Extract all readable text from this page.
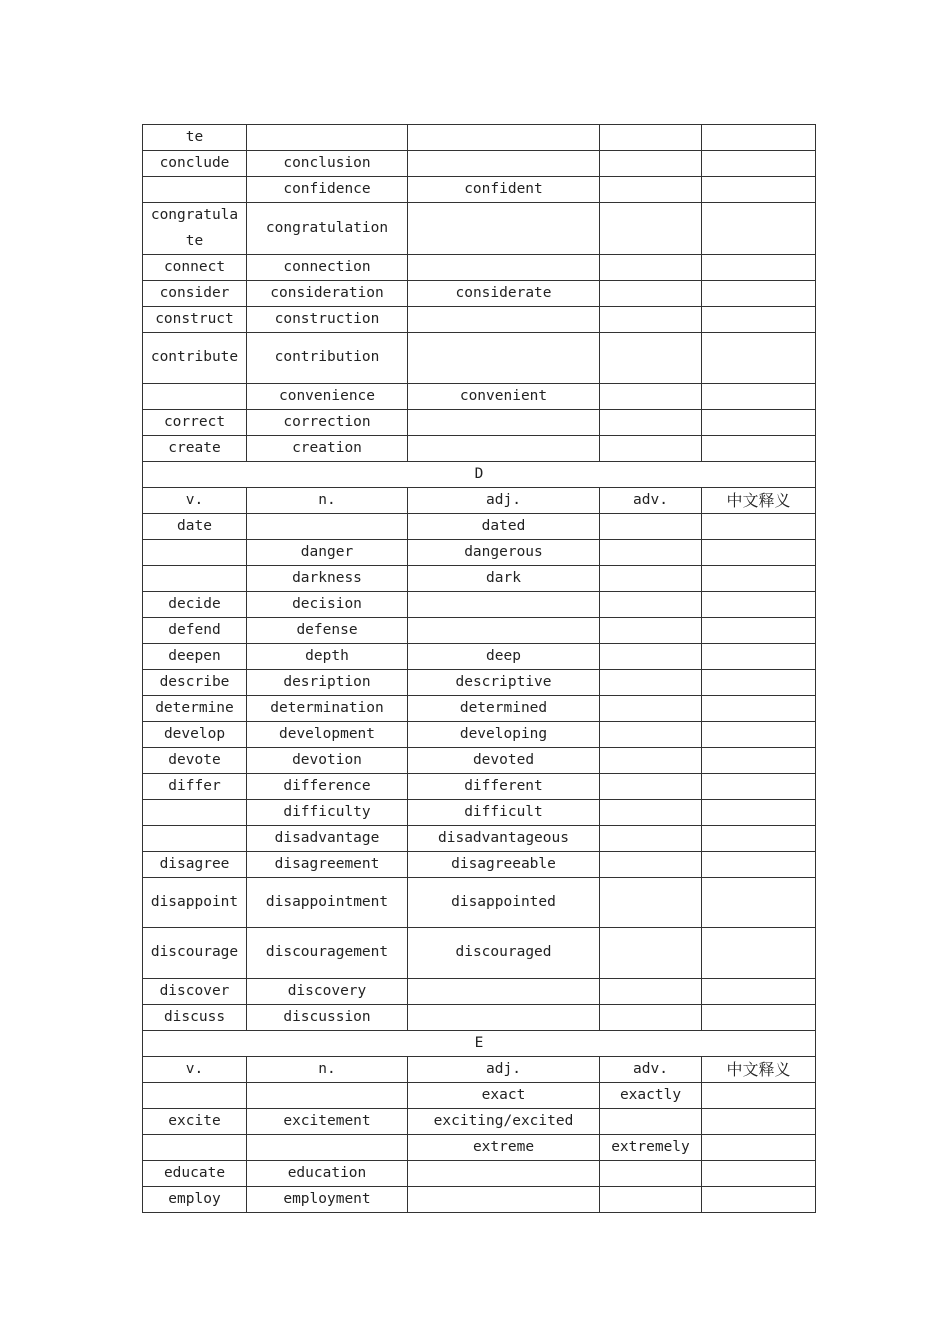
te				
conclude	conclusion			
	confidence	confident		
congratulate	congratulation			
connect	connection			
consider	consideration	considerate		
construct	construction			
contribute	contribution			
	convenience	convenient		
correct	correction			
create	creation			
D				
v.	n.	adj.	adv.	中文释义
date		dated		
	danger	dangerous		
	darkness	dark		
decide	decision			
defend	defense			
deepen	depth	deep		
describe	desription	descriptive		
determine	determination	determined		
develop	development	developing		
devote	devotion	devoted		
differ	difference	different		
	difficulty	difficult		
	disadvantage	disadvantageous		
disagree	disagreement	disagreeable		
disappoint	disappointment	disappointed		
discourage	discouragement	discouraged		
discover	discovery			
discuss	discussion			
E				
v.	n.	adj.	adv.	中文释义
		exact	exactly	
excite	excitement	exciting/excited		
		extreme	extremely	
educate	education			
employ	employment			
